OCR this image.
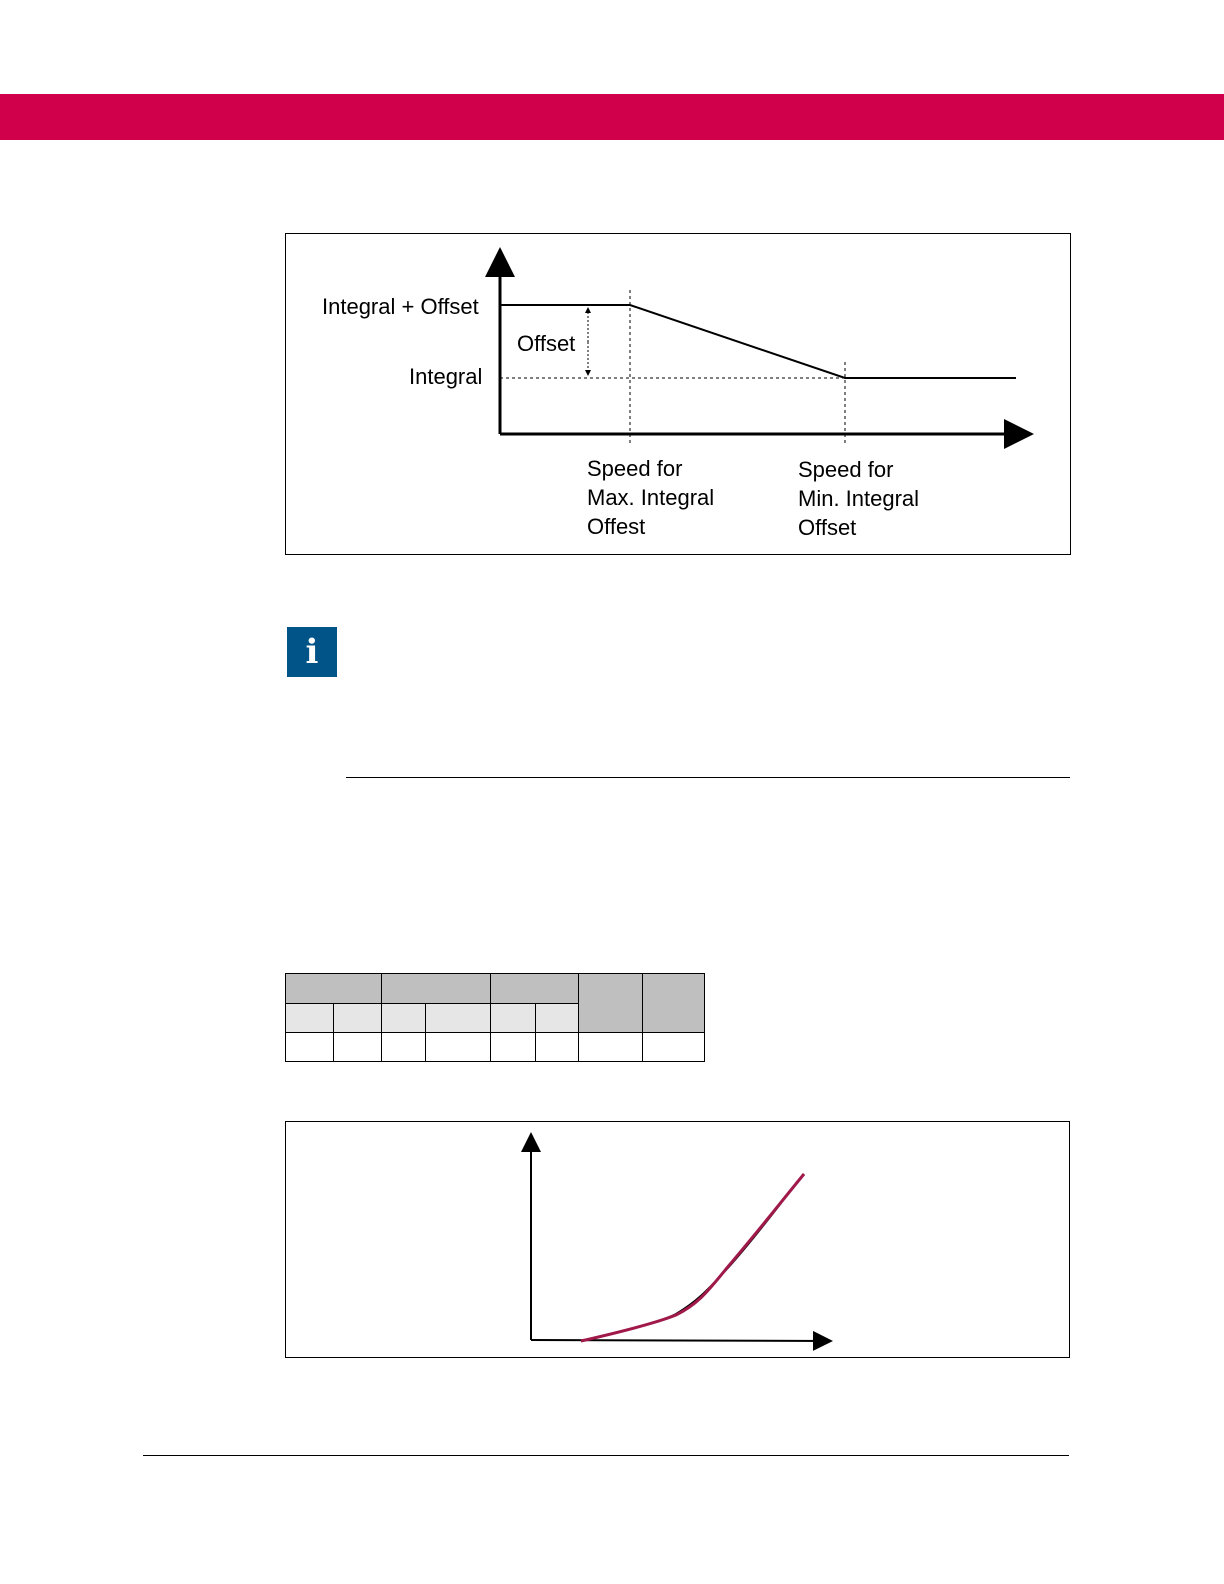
Integral + Offset
Offset
Integral
Speed for
Max. Integral
Offest
Speed for
Min. Integral
Offset
i
